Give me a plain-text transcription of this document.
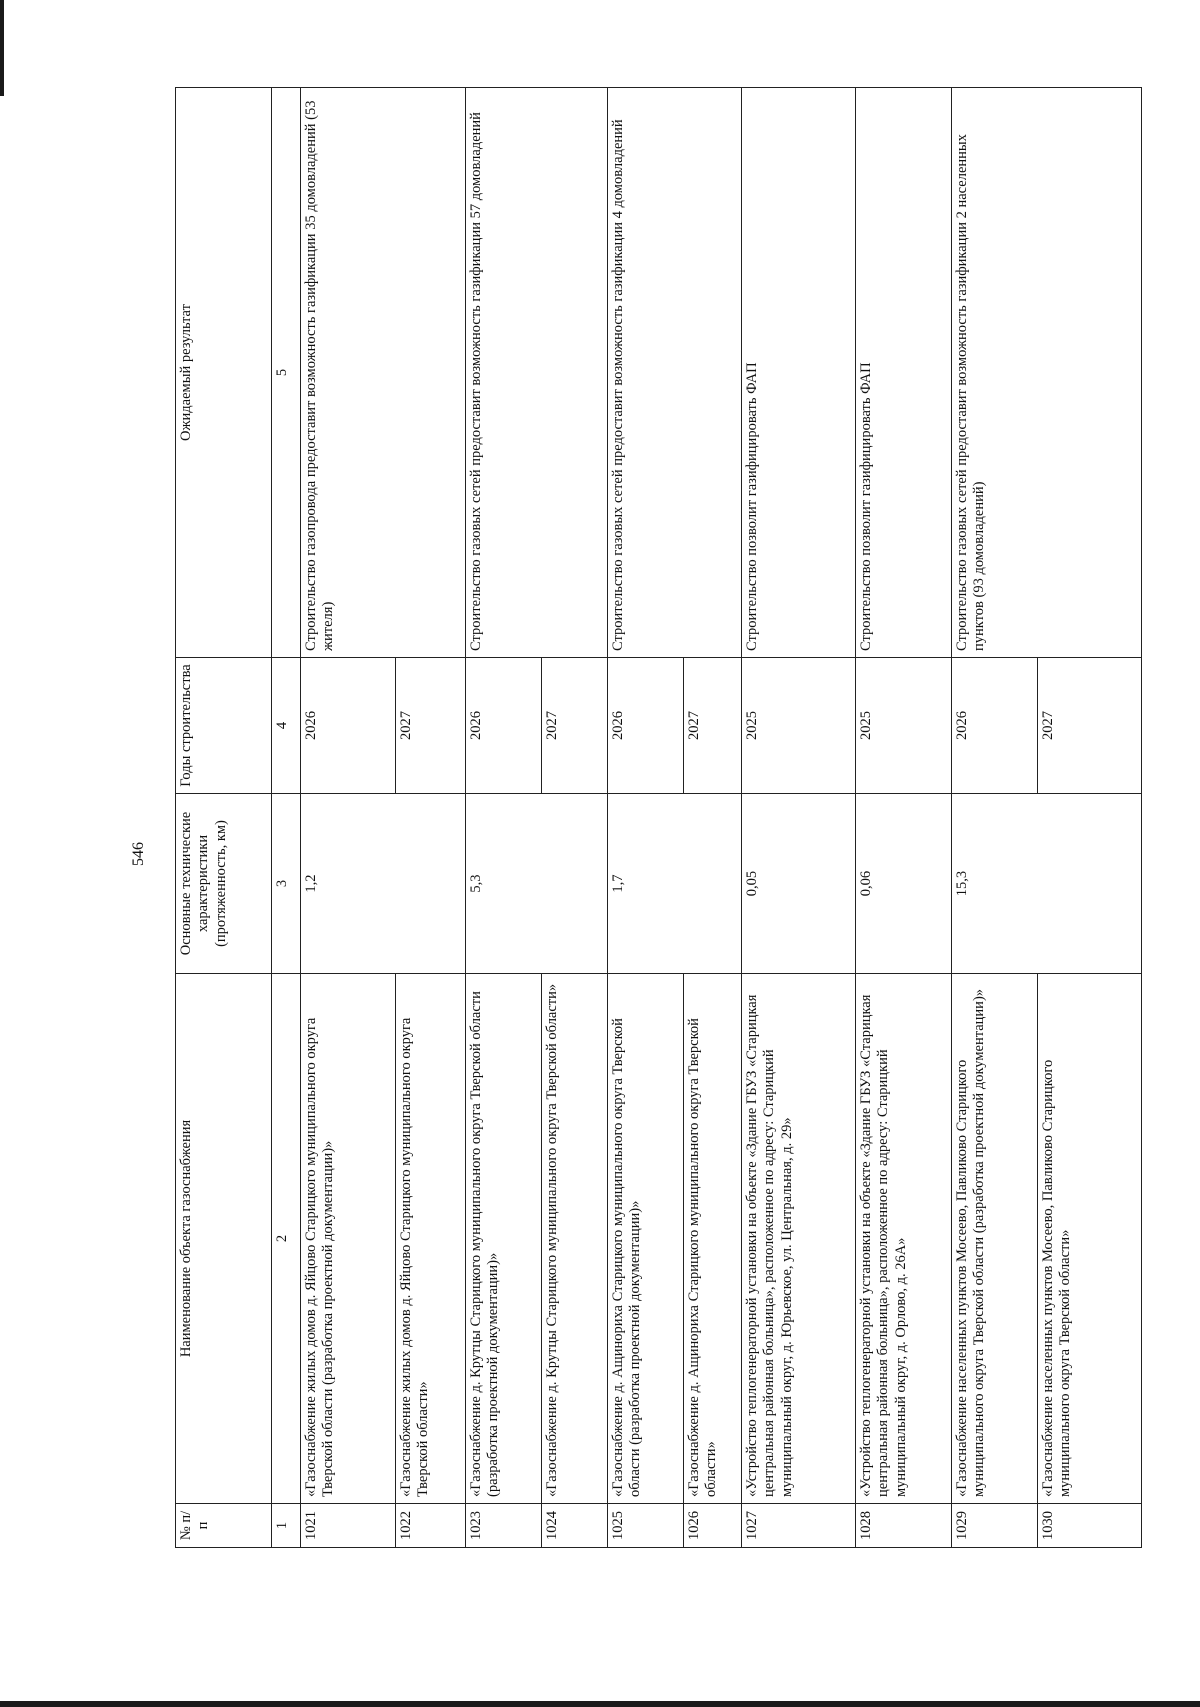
546
№ п/п	Наименование объекта газоснабжения	Основные технические характеристики (протяженность, км)	Годы строительства	Ожидаемый результат
1	2	3	4	5
1021	«Газоснабжение жилых домов д. Яйцово Старицкого муниципального округа Тверской области (разработка проектной документации)»	1,2	2026	Строительство газопровода предоставит возможность газификации 35 домовладений (53 жителя)
1022	«Газоснабжение жилых домов д. Яйцово Старицкого муниципального округа Тверской области»		2027	
1023	«Газоснабжение д. Крутцы Старицкого муниципального округа Тверской области (разработка проектной документации)»	5,3	2026	Строительство газовых сетей предоставит возможность газификации 57 домовладений
1024	«Газоснабжение д. Крутцы Старицкого муниципального округа Тверской области»		2027	
1025	«Газоснабжение д. Ащинориха Старицкого муниципального округа Тверской области (разработка проектной документации)»	1,7	2026	Строительство газовых сетей предоставит возможность газификации 4 домовладений
1026	«Газоснабжение д. Ащинориха Старицкого муниципального округа Тверской области»		2027	
1027	«Устройство теплогенераторной установки на объекте «Здание ГБУЗ «Старицкая центральная районная больница», расположенное по адресу: Старицкий муниципальный округ, д. Юрьевское, ул. Центральная, д. 29»	0,05	2025	Строительство позволит газифицировать ФАП
1028	«Устройство теплогенераторной установки на объекте «Здание ГБУЗ «Старицкая центральная районная больница», расположенное по адресу: Старицкий муниципальный округ, д. Орлово, д. 26А»	0,06	2025	Строительство позволит газифицировать ФАП
1029	«Газоснабжение населенных пунктов Мосеево, Павликово Старицкого муниципального округа Тверской области (разработка проектной документации)»	15,3	2026	Строительство газовых сетей предоставит возможность газификации 2 населенных пунктов (93 домовладений)
1030	«Газоснабжение населенных пунктов Мосеево, Павликово Старицкого муниципального округа Тверской области»		2027	
